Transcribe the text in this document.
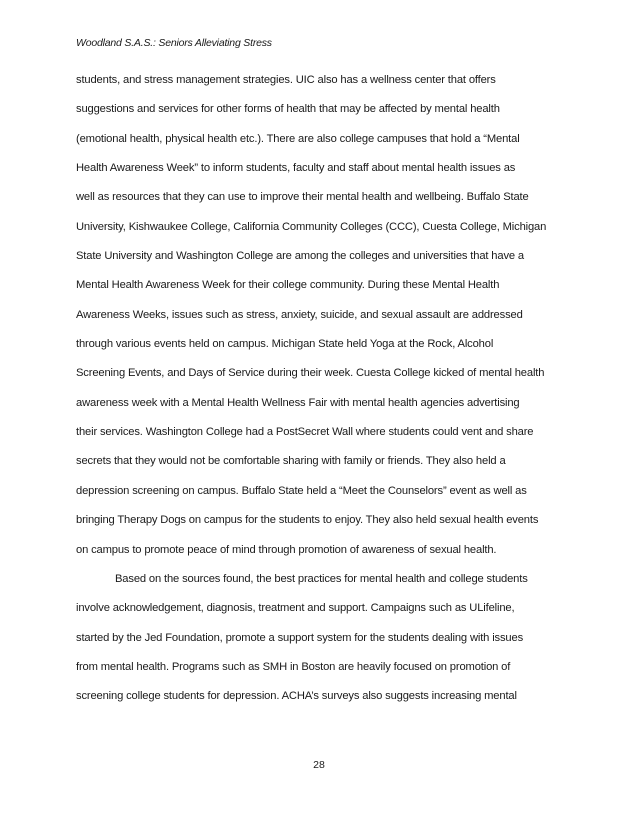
Woodland S.A.S.: Seniors Alleviating Stress
students, and stress management strategies. UIC also has a wellness center that offers
suggestions and services for other forms of health that may be affected by mental health
(emotional health, physical health etc.). There are also college campuses that hold a “Mental
Health Awareness Week” to inform students, faculty and staff about mental health issues as
well as resources that they can use to improve their mental health and wellbeing. Buffalo State
University, Kishwaukee College, California Community Colleges (CCC), Cuesta College, Michigan
State University and Washington College are among the colleges and universities that have a
Mental Health Awareness Week for their college community. During these Mental Health
Awareness Weeks, issues such as stress, anxiety, suicide, and sexual assault are addressed
through various events held on campus. Michigan State held Yoga at the Rock, Alcohol
Screening Events, and Days of Service during their week. Cuesta College kicked of mental health
awareness week with a Mental Health Wellness Fair with mental health agencies advertising
their services. Washington College had a PostSecret Wall where students could vent and share
secrets that they would not be comfortable sharing with family or friends. They also held a
depression screening on campus. Buffalo State held a “Meet the Counselors” event as well as
bringing Therapy Dogs on campus for the students to enjoy. They also held sexual health events
on campus to promote peace of mind through promotion of awareness of sexual health.
Based on the sources found, the best practices for mental health and college students
involve acknowledgement, diagnosis, treatment and support. Campaigns such as ULifeline,
started by the Jed Foundation, promote a support system for the students dealing with issues
from mental health. Programs such as SMH in Boston are heavily focused on promotion of
screening college students for depression. ACHA’s surveys also suggests increasing mental
28
